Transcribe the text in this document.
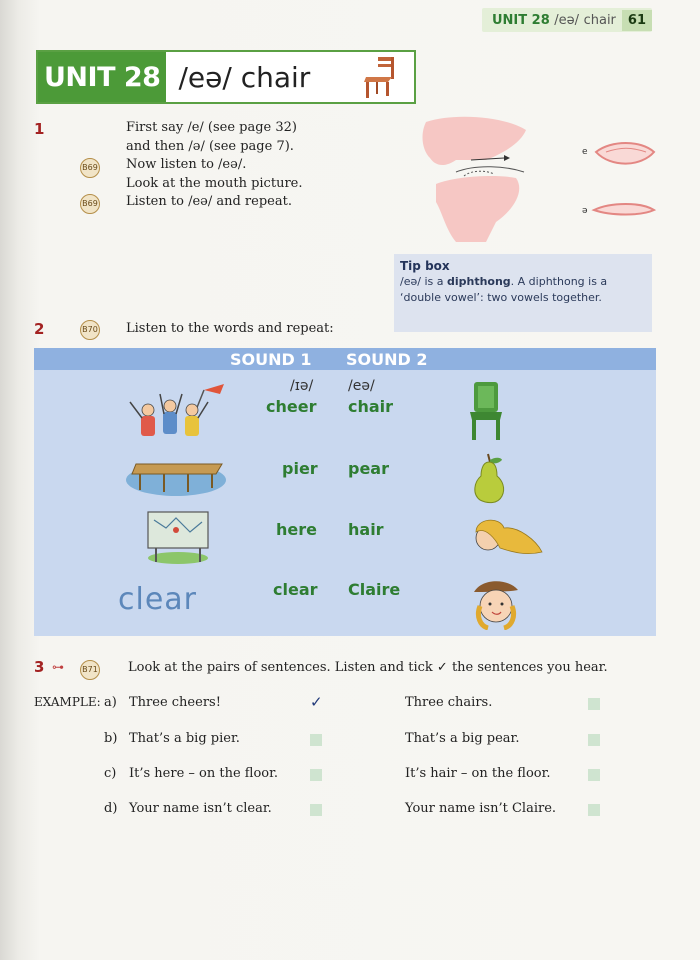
UNIT 28 /eə/ chair 61
UNIT 28 /eə/ chair
1
B69
B69
First say /e/ (see page 32)
and then /ə/ (see page 7).
Now listen to /eə/.
Look at the mouth picture.
Listen to /eə/ and repeat.
e
ə
Tip box
/eə/ is a diphthong. A diphthong is a ‘double vowel’: two vowels together.
2	B70 Listen to the words and repeat:
SOUND 1 SOUND 2
/ɪə/ /eə/
cheer chair
pier pear
here hair
clear Claire
clear
3 ⊶ B71 Look at the pairs of sentences. Listen and tick ✓ the sentences you hear.
EXAMPLE: a) Three cheers!	✓	Three chairs.
b) That’s a big pier.	That’s a big pear.
c) It’s here – on the floor.	It’s hair – on the floor.
d) Your name isn’t clear.	Your name isn’t Claire.
